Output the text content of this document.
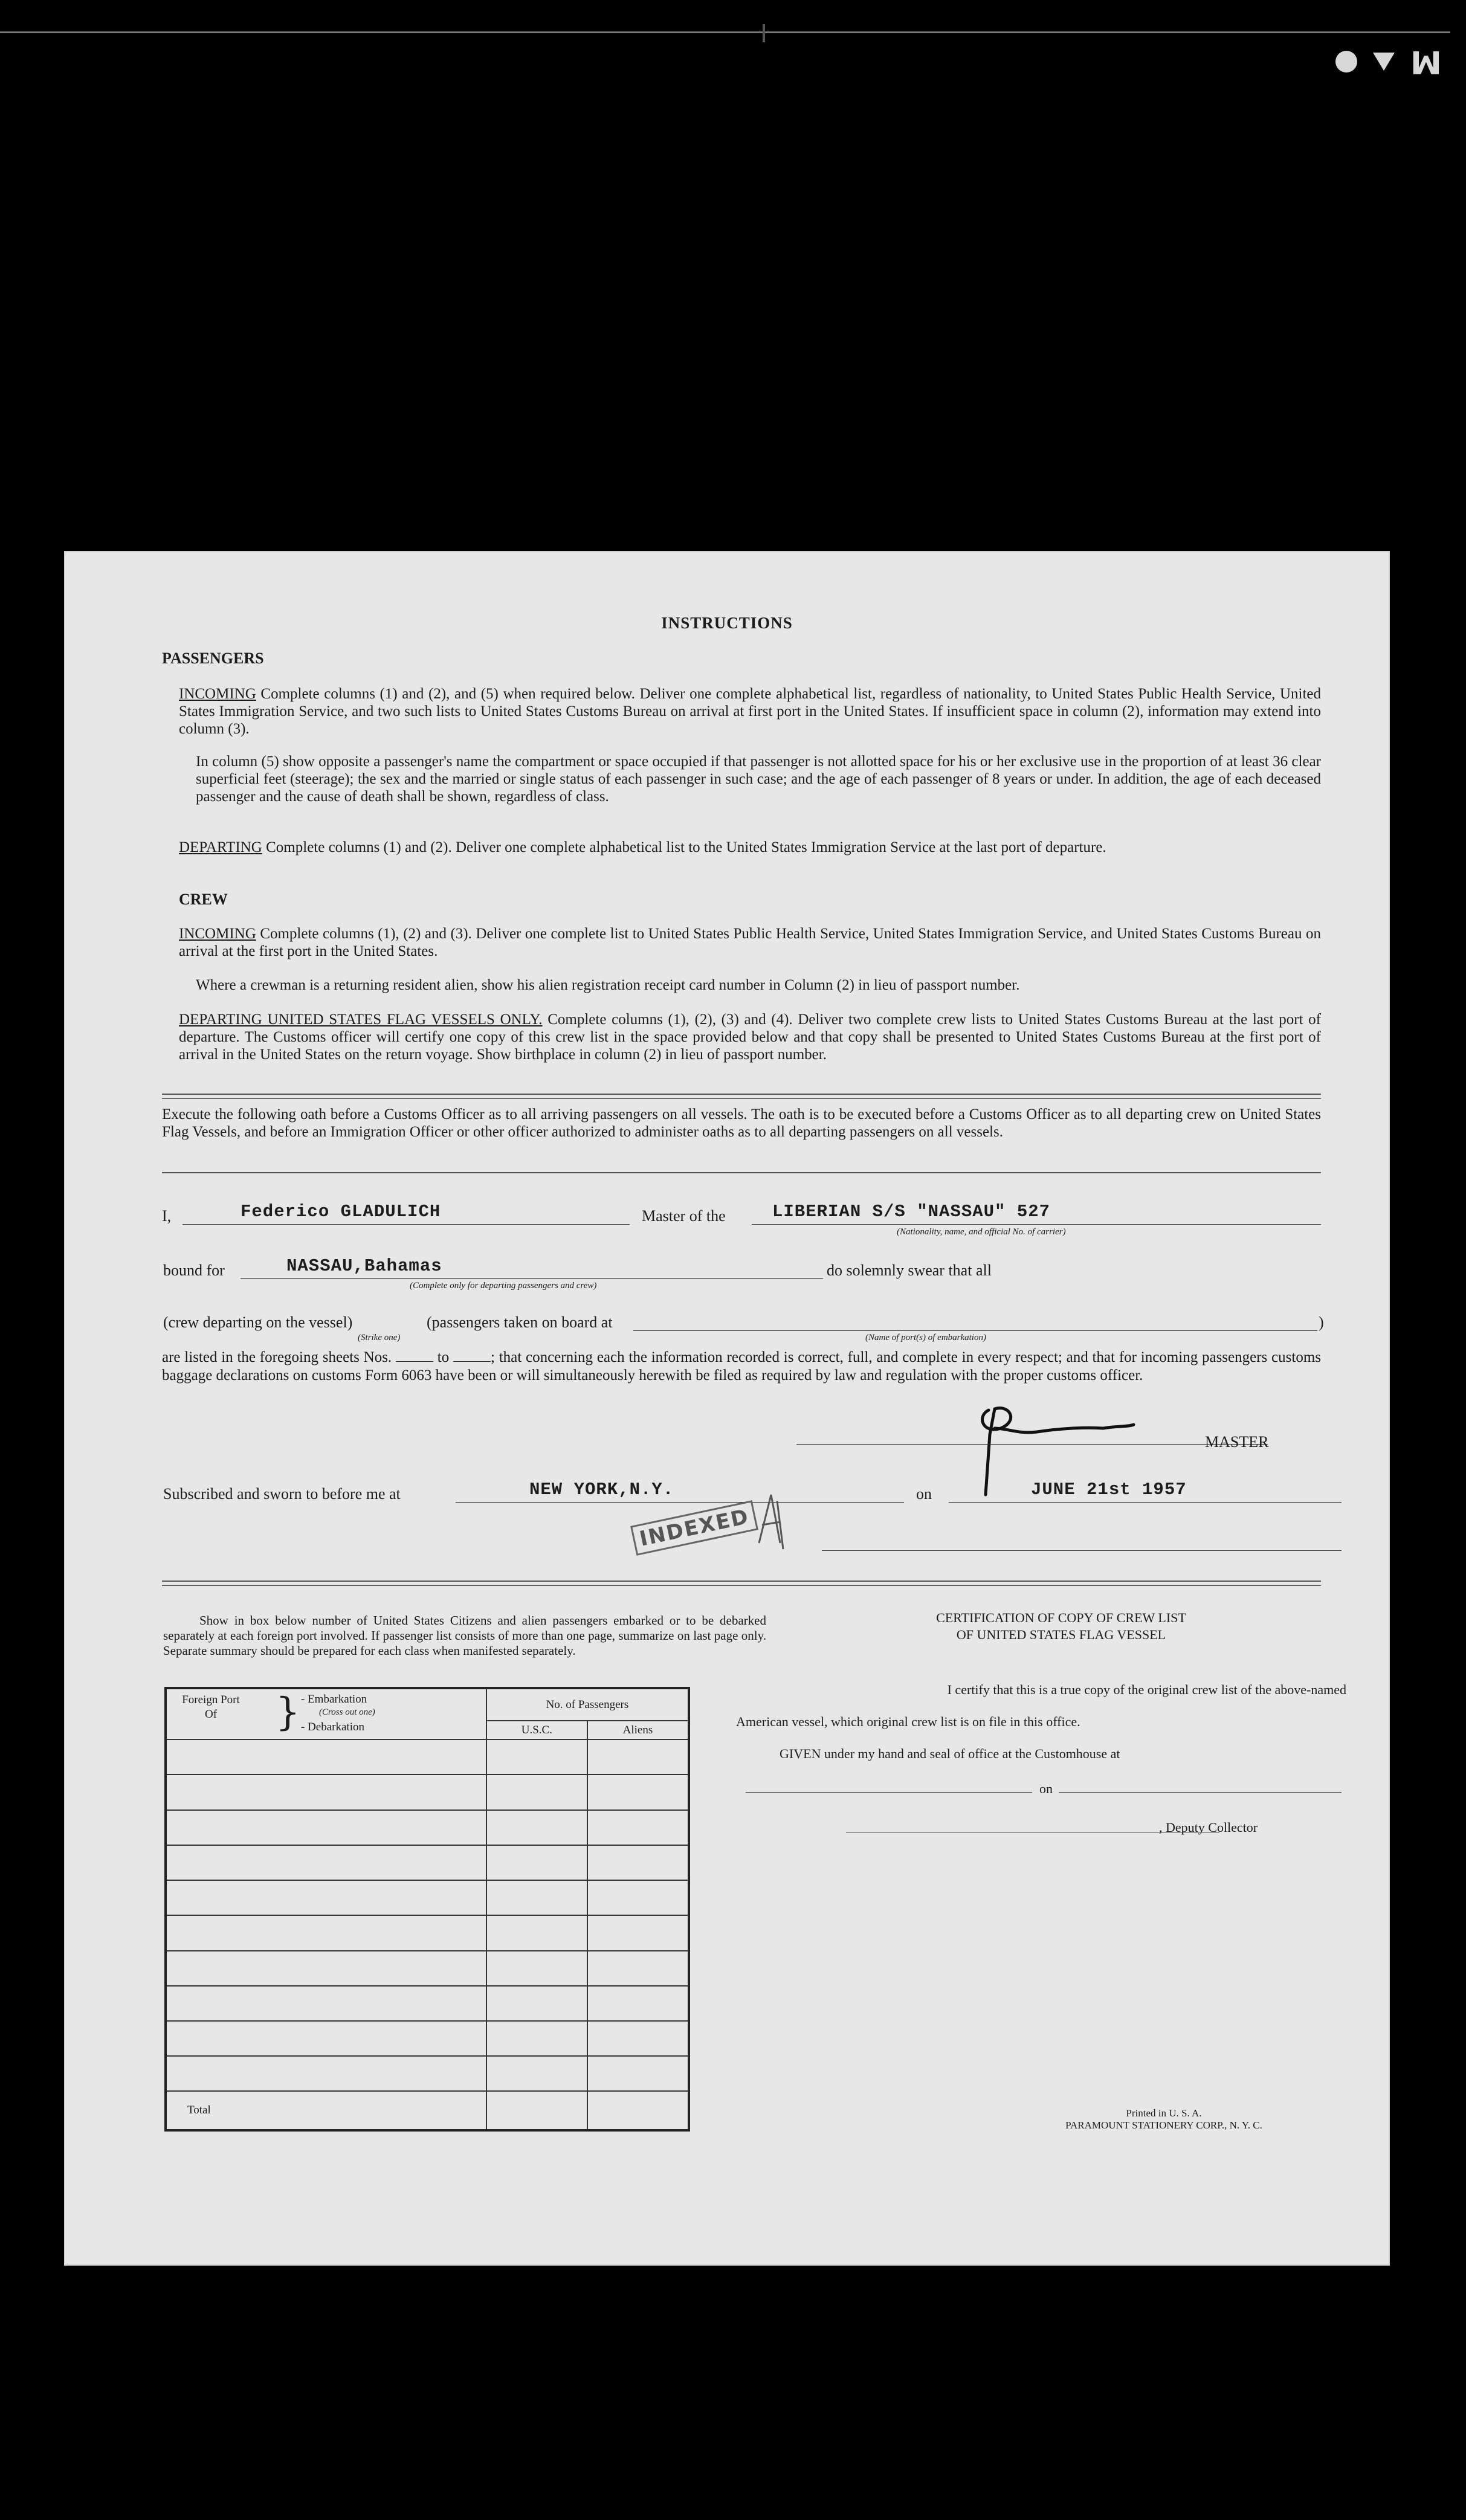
M
INSTRUCTIONS
PASSENGERS
INCOMING Complete columns (1) and (2), and (5) when required below. Deliver one complete alphabetical list, regardless of nationality, to United States Public Health Service, United States Immigration Service, and two such lists to United States Customs Bureau on arrival at first port in the United States. If insufficient space in column (2), information may extend into column (3).
In column (5) show opposite a passenger's name the compartment or space occupied if that passenger is not allotted space for his or her exclusive use in the proportion of at least 36 clear superficial feet (steerage); the sex and the married or single status of each passenger in such case; and the age of each passenger of 8 years or under. In addition, the age of each deceased passenger and the cause of death shall be shown, regardless of class.
DEPARTING Complete columns (1) and (2). Deliver one complete alphabetical list to the United States Immigration Service at the last port of departure.
CREW
INCOMING Complete columns (1), (2) and (3). Deliver one complete list to United States Public Health Service, United States Immigration Service, and United States Customs Bureau on arrival at the first port in the United States.
Where a crewman is a returning resident alien, show his alien registration receipt card number in Column (2) in lieu of passport number.
DEPARTING UNITED STATES FLAG VESSELS ONLY. Complete columns (1), (2), (3) and (4). Deliver two complete crew lists to United States Customs Bureau at the last port of departure. The Customs officer will certify one copy of this crew list in the space provided below and that copy shall be presented to United States Customs Bureau at the first port of arrival in the United States on the return voyage. Show birthplace in column (2) in lieu of passport number.
Execute the following oath before a Customs Officer as to all arriving passengers on all vessels. The oath is to be executed before a Customs Officer as to all departing crew on United States Flag Vessels, and before an Immigration Officer or other officer authorized to administer oaths as to all departing passengers on all vessels.
I,	Federico GLADULICH	Master of the	LIBERIAN S/S "NASSAU" 527
(Nationality, name, and official No. of carrier)
bound for	NASSAU,Bahamas
(Complete only for departing passengers and crew)
do solemnly swear that all
(crew departing on the vessel)	(passengers taken on board at	)
(Strike one)	(Name of port(s) of embarkation)
are listed in the foregoing sheets Nos.	to	; that concerning each the information recorded is correct, full, and complete in every respect; and that for incoming passengers customs baggage declarations on customs Form 6063 have been or will simultaneously herewith be filed as required by law and regulation with the proper customs officer.
MASTER
Subscribed and sworn to before me at	NEW YORK,N.Y.	on	JUNE 21st 1957
INDEXED
Show in box below number of United States Citizens and alien passengers embarked or to be debarked separately at each foreign port involved. If passenger list consists of more than one page, summarize on last page only. Separate summary should be prepared for each class when manifested separately.
Foreign Port Of } - Embarkation
(Cross out one)
- Debarkation	No. of Passengers	
	U.S.C.	Aliens

Total		
CERTIFICATION OF COPY OF CREW LIST
OF UNITED STATES FLAG VESSEL
I certify that this is a true copy of the original crew list of the above-named
American vessel, which original crew list is on file in this office.
GIVEN under my hand and seal of office at the Customhouse at
on
, Deputy Collector
Printed in U. S. A.
PARAMOUNT STATIONERY CORP., N. Y. C.
